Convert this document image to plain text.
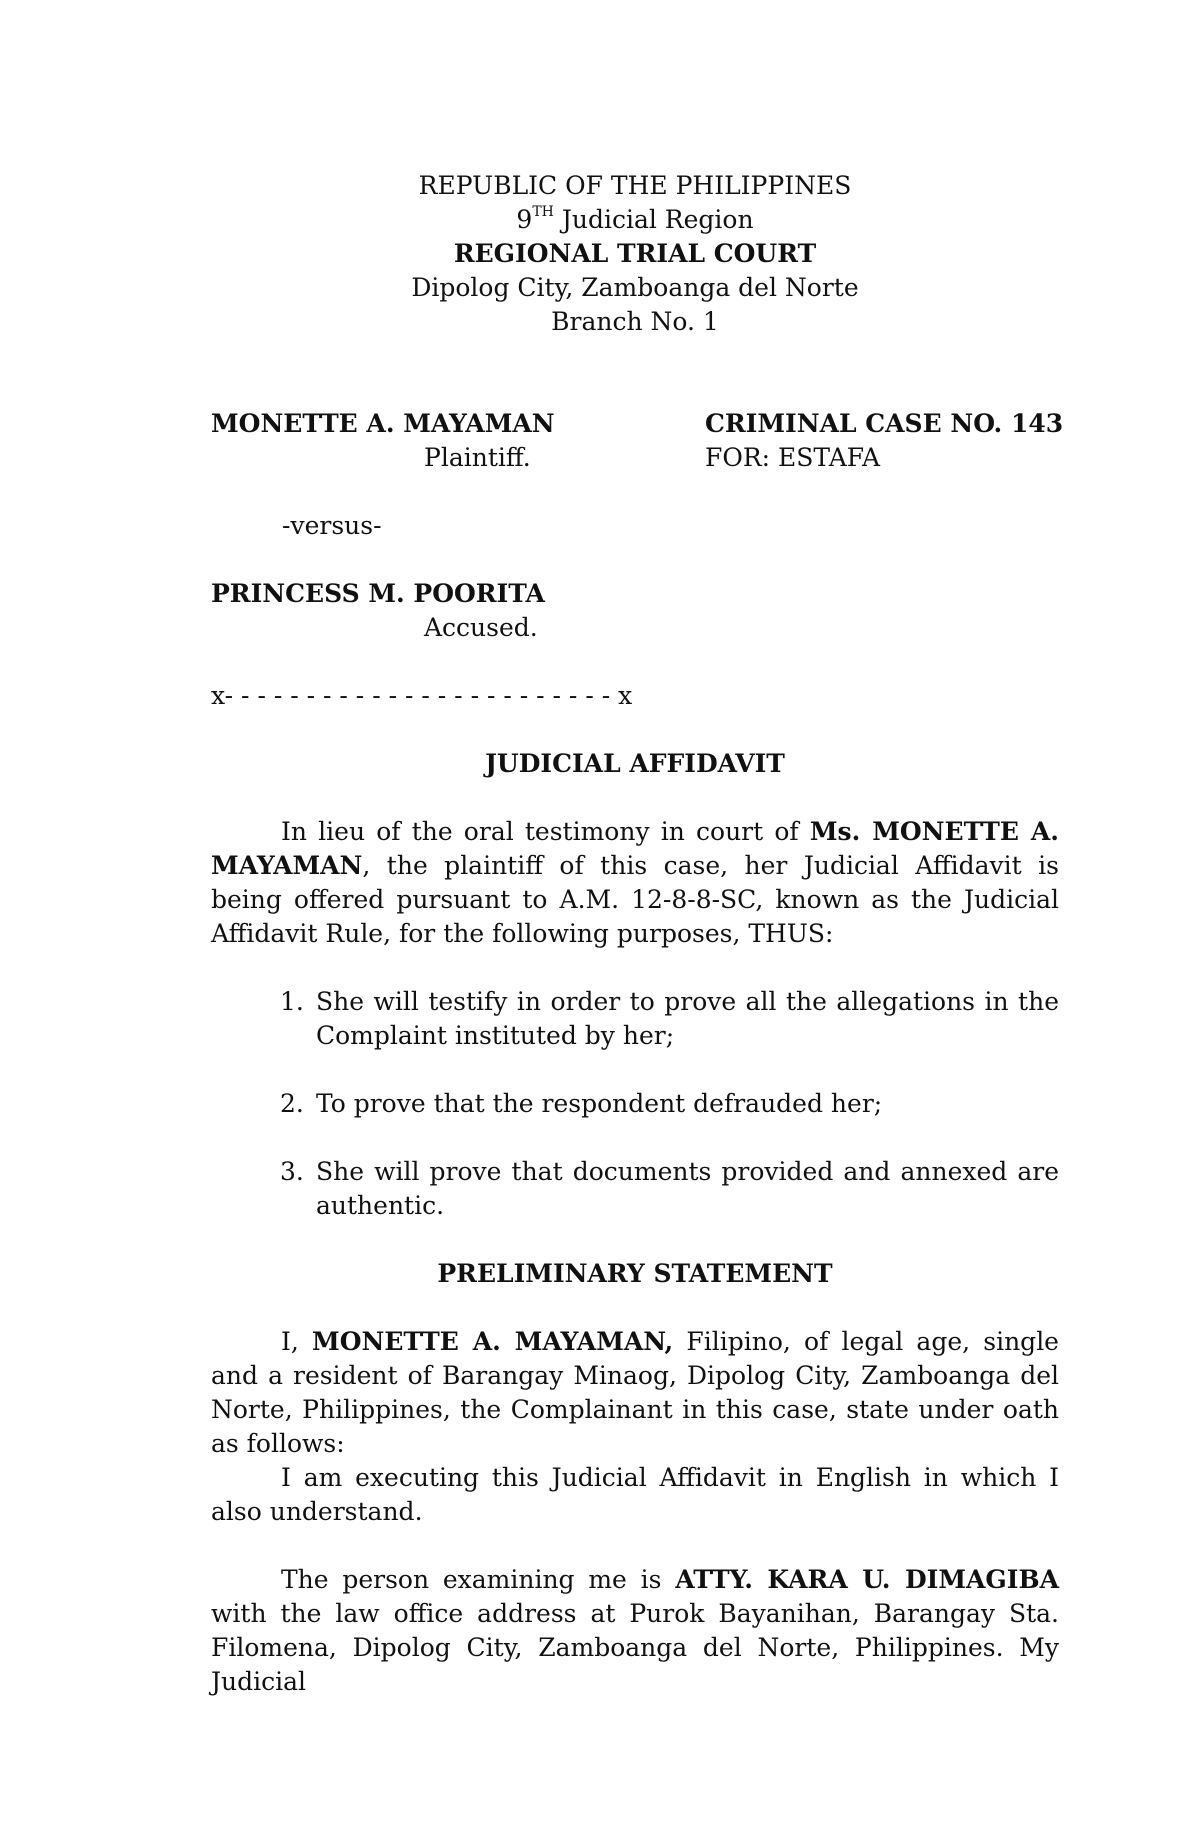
REPUBLIC OF THE PHILIPPINES
9TH Judicial Region
REGIONAL TRIAL COURT
Dipolog City, Zamboanga del Norte
Branch No. 1
MONETTE A. MAYAMAN
Plaintiff.
CRIMINAL CASE NO. 143
FOR: ESTAFA
-versus-
PRINCESS M. POORITA
Accused.
x- - - - - - - - - - - - - - - - - - - - - - - - x
JUDICIAL AFFIDAVIT

In lieu of the oral testimony in court of Ms. MONETTE A. MAYAMAN, the plaintiff of this case, her Judicial Affidavit is being offered pursuant to A.M. 12-8-8-SC, known as the Judicial Affidavit Rule, for the following purposes, THUS:

1. She will testify in order to prove all the allegations in the Complaint instituted by her;
2. To prove that the respondent defrauded her;
3. She will prove that documents provided and annexed are authentic.
PRELIMINARY STATEMENT

I, MONETTE A. MAYAMAN, Filipino, of legal age, single and a resident of Barangay Minaog, Dipolog City, Zamboanga del Norte, Philippines, the Complainant in this case, state under oath as follows:

I am executing this Judicial Affidavit in English in which I also understand.

The person examining me is ATTY. KARA U. DIMAGIBA with the law office address at Purok Bayanihan, Barangay Sta. Filomena, Dipolog City, Zamboanga del Norte, Philippines. My Judicial
